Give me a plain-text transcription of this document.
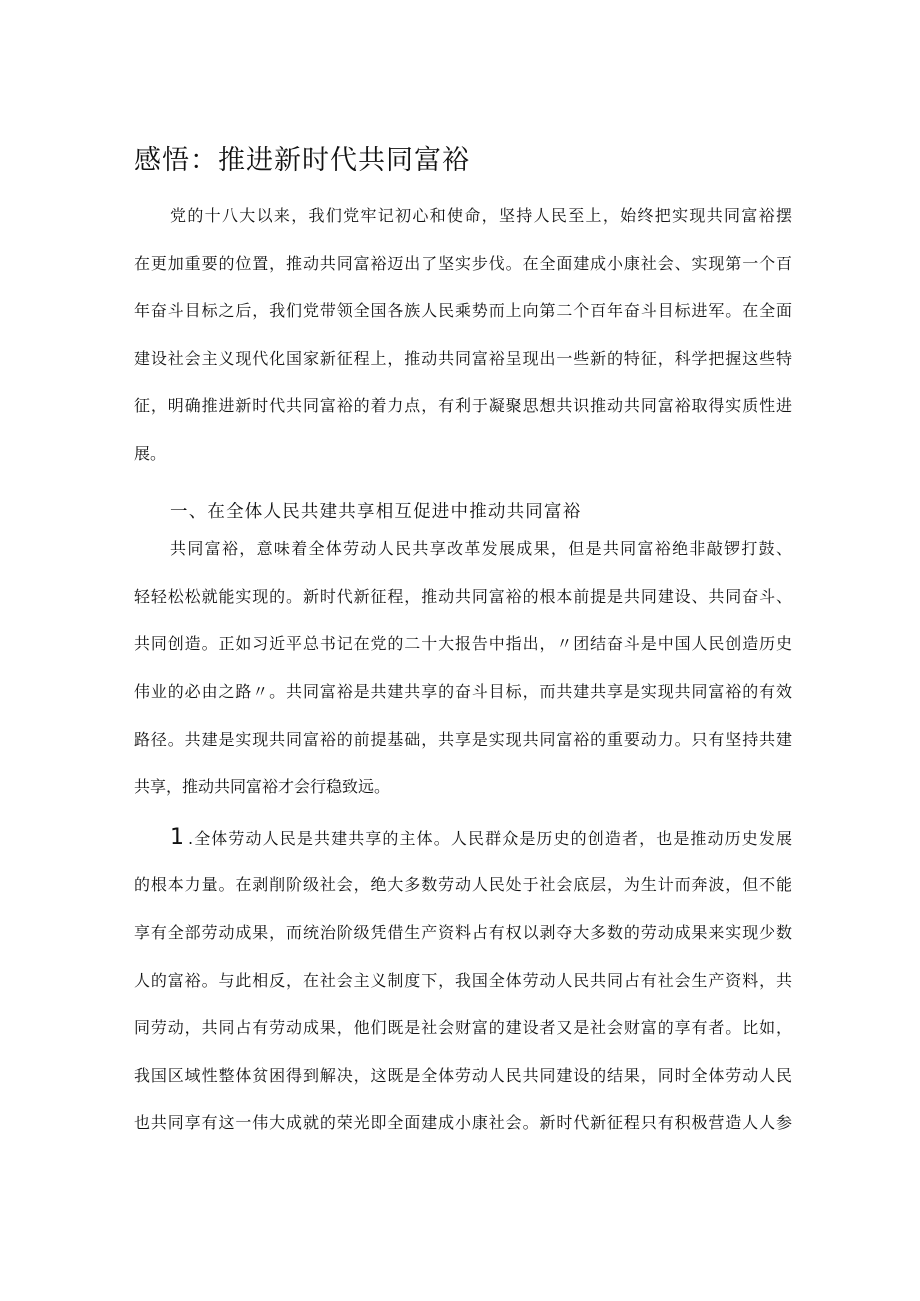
感悟：推进新时代共同富裕
党的十八大以来，我们党牢记初心和使命，坚持人民至上，始终把实现共同富裕摆
在更加重要的位置，推动共同富裕迈出了坚实步伐。在全面建成小康社会、实现第一个百
年奋斗目标之后，我们党带领全国各族人民乘势而上向第二个百年奋斗目标进军。在全面
建设社会主义现代化国家新征程上，推动共同富裕呈现出一些新的特征，科学把握这些特
征，明确推进新时代共同富裕的着力点，有利于凝聚思想共识推动共同富裕取得实质性进
展。
一、在全体人民共建共享相互促进中推动共同富裕
共同富裕，意味着全体劳动人民共享改革发展成果，但是共同富裕绝非敲锣打鼓、
轻轻松松就能实现的。新时代新征程，推动共同富裕的根本前提是共同建设、共同奋斗、
共同创造。正如习近平总书记在党的二十大报告中指出，〃团结奋斗是中国人民创造历史
伟业的必由之路〃。共同富裕是共建共享的奋斗目标，而共建共享是实现共同富裕的有效
路径。共建是实现共同富裕的前提基础，共享是实现共同富裕的重要动力。只有坚持共建
共享，推动共同富裕才会行稳致远。
1.全体劳动人民是共建共享的主体。人民群众是历史的创造者，也是推动历史发展
的根本力量。在剥削阶级社会，绝大多数劳动人民处于社会底层，为生计而奔波，但不能
享有全部劳动成果，而统治阶级凭借生产资料占有权以剥夺大多数的劳动成果来实现少数
人的富裕。与此相反，在社会主义制度下，我国全体劳动人民共同占有社会生产资料，共
同劳动，共同占有劳动成果，他们既是社会财富的建设者又是社会财富的享有者。比如，
我国区域性整体贫困得到解决，这既是全体劳动人民共同建设的结果，同时全体劳动人民
也共同享有这一伟大成就的荣光即全面建成小康社会。新时代新征程只有积极营造人人参
